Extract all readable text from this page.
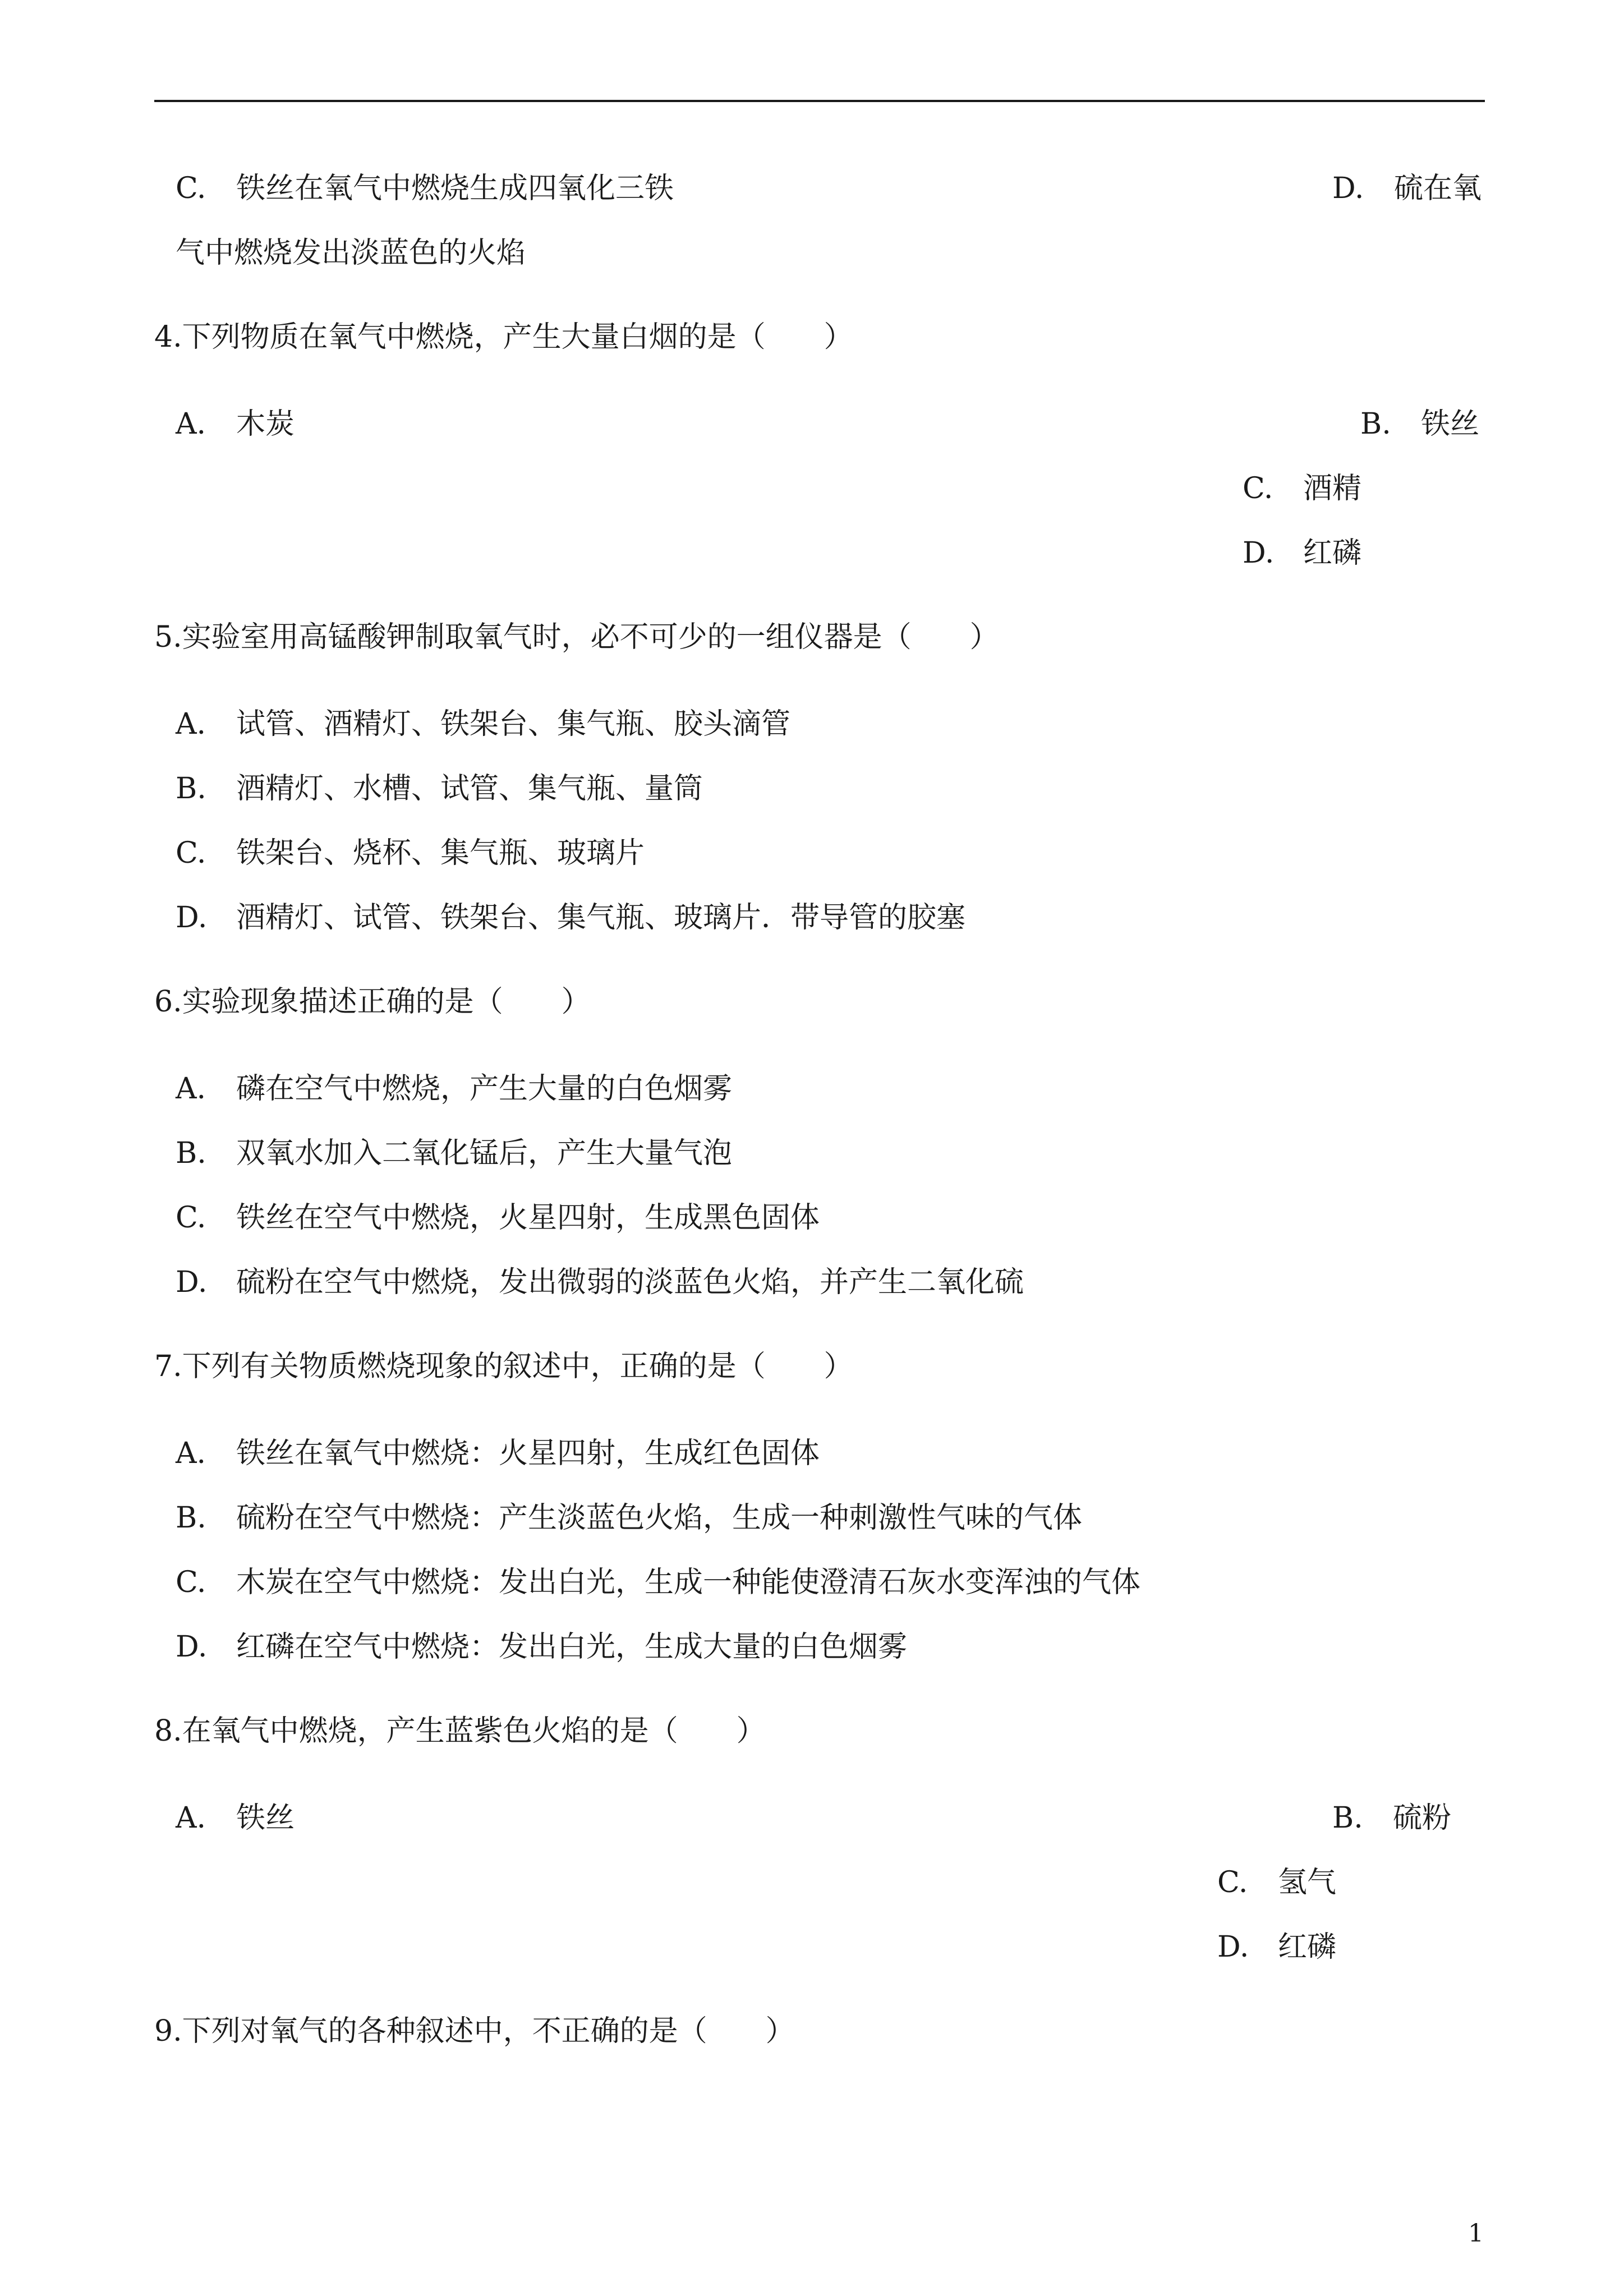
C. 铁丝在氧气中燃烧生成四氧化三铁	D. 硫在氧
气中燃烧发出淡蓝色的火焰
4.下列物质在氧气中燃烧，产生大量白烟的是（　　）
A. 木炭	B. 铁丝
C. 酒精
D. 红磷
5.实验室用高锰酸钾制取氧气时，必不可少的一组仪器是（　　）
A. 试管、酒精灯、铁架台、集气瓶、胶头滴管
B. 酒精灯、水槽、试管、集气瓶、量筒
C. 铁架台、烧杯、集气瓶、玻璃片
D. 酒精灯、试管、铁架台、集气瓶、玻璃片．带导管的胶塞
6.实验现象描述正确的是（　　）
A. 磷在空气中燃烧，产生大量的白色烟雾
B. 双氧水加入二氧化锰后，产生大量气泡
C. 铁丝在空气中燃烧，火星四射，生成黑色固体
D. 硫粉在空气中燃烧，发出微弱的淡蓝色火焰，并产生二氧化硫
7.下列有关物质燃烧现象的叙述中，正确的是（　　）
A. 铁丝在氧气中燃烧：火星四射，生成红色固体
B. 硫粉在空气中燃烧：产生淡蓝色火焰，生成一种刺激性气味的气体
C. 木炭在空气中燃烧：发出白光，生成一种能使澄清石灰水变浑浊的气体
D. 红磷在空气中燃烧：发出白光，生成大量的白色烟雾
8.在氧气中燃烧，产生蓝紫色火焰的是（　　）
A. 铁丝	B. 硫粉
C. 氢气
D. 红磷
9.下列对氧气的各种叙述中，不正确的是（　　）
1
